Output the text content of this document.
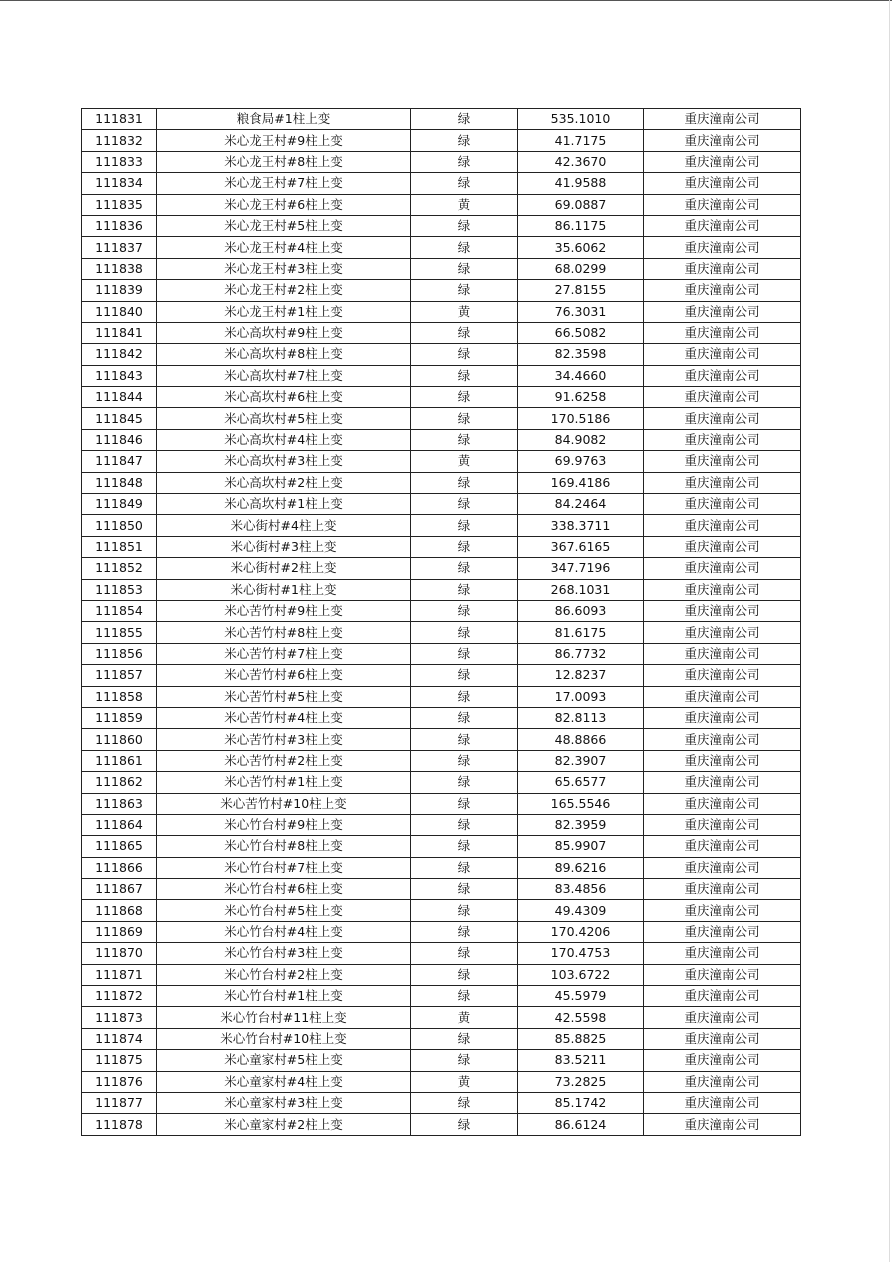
111831	粮食局#1柱上变	绿	535.1010	重庆潼南公司
111832	米心龙王村#9柱上变	绿	41.7175	重庆潼南公司
111833	米心龙王村#8柱上变	绿	42.3670	重庆潼南公司
111834	米心龙王村#7柱上变	绿	41.9588	重庆潼南公司
111835	米心龙王村#6柱上变	黄	69.0887	重庆潼南公司
111836	米心龙王村#5柱上变	绿	86.1175	重庆潼南公司
111837	米心龙王村#4柱上变	绿	35.6062	重庆潼南公司
111838	米心龙王村#3柱上变	绿	68.0299	重庆潼南公司
111839	米心龙王村#2柱上变	绿	27.8155	重庆潼南公司
111840	米心龙王村#1柱上变	黄	76.3031	重庆潼南公司
111841	米心高坎村#9柱上变	绿	66.5082	重庆潼南公司
111842	米心高坎村#8柱上变	绿	82.3598	重庆潼南公司
111843	米心高坎村#7柱上变	绿	34.4660	重庆潼南公司
111844	米心高坎村#6柱上变	绿	91.6258	重庆潼南公司
111845	米心高坎村#5柱上变	绿	170.5186	重庆潼南公司
111846	米心高坎村#4柱上变	绿	84.9082	重庆潼南公司
111847	米心高坎村#3柱上变	黄	69.9763	重庆潼南公司
111848	米心高坎村#2柱上变	绿	169.4186	重庆潼南公司
111849	米心高坎村#1柱上变	绿	84.2464	重庆潼南公司
111850	米心街村#4柱上变	绿	338.3711	重庆潼南公司
111851	米心街村#3柱上变	绿	367.6165	重庆潼南公司
111852	米心街村#2柱上变	绿	347.7196	重庆潼南公司
111853	米心街村#1柱上变	绿	268.1031	重庆潼南公司
111854	米心苦竹村#9柱上变	绿	86.6093	重庆潼南公司
111855	米心苦竹村#8柱上变	绿	81.6175	重庆潼南公司
111856	米心苦竹村#7柱上变	绿	86.7732	重庆潼南公司
111857	米心苦竹村#6柱上变	绿	12.8237	重庆潼南公司
111858	米心苦竹村#5柱上变	绿	17.0093	重庆潼南公司
111859	米心苦竹村#4柱上变	绿	82.8113	重庆潼南公司
111860	米心苦竹村#3柱上变	绿	48.8866	重庆潼南公司
111861	米心苦竹村#2柱上变	绿	82.3907	重庆潼南公司
111862	米心苦竹村#1柱上变	绿	65.6577	重庆潼南公司
111863	米心苦竹村#10柱上变	绿	165.5546	重庆潼南公司
111864	米心竹台村#9柱上变	绿	82.3959	重庆潼南公司
111865	米心竹台村#8柱上变	绿	85.9907	重庆潼南公司
111866	米心竹台村#7柱上变	绿	89.6216	重庆潼南公司
111867	米心竹台村#6柱上变	绿	83.4856	重庆潼南公司
111868	米心竹台村#5柱上变	绿	49.4309	重庆潼南公司
111869	米心竹台村#4柱上变	绿	170.4206	重庆潼南公司
111870	米心竹台村#3柱上变	绿	170.4753	重庆潼南公司
111871	米心竹台村#2柱上变	绿	103.6722	重庆潼南公司
111872	米心竹台村#1柱上变	绿	45.5979	重庆潼南公司
111873	米心竹台村#11柱上变	黄	42.5598	重庆潼南公司
111874	米心竹台村#10柱上变	绿	85.8825	重庆潼南公司
111875	米心童家村#5柱上变	绿	83.5211	重庆潼南公司
111876	米心童家村#4柱上变	黄	73.2825	重庆潼南公司
111877	米心童家村#3柱上变	绿	85.1742	重庆潼南公司
111878	米心童家村#2柱上变	绿	86.6124	重庆潼南公司
